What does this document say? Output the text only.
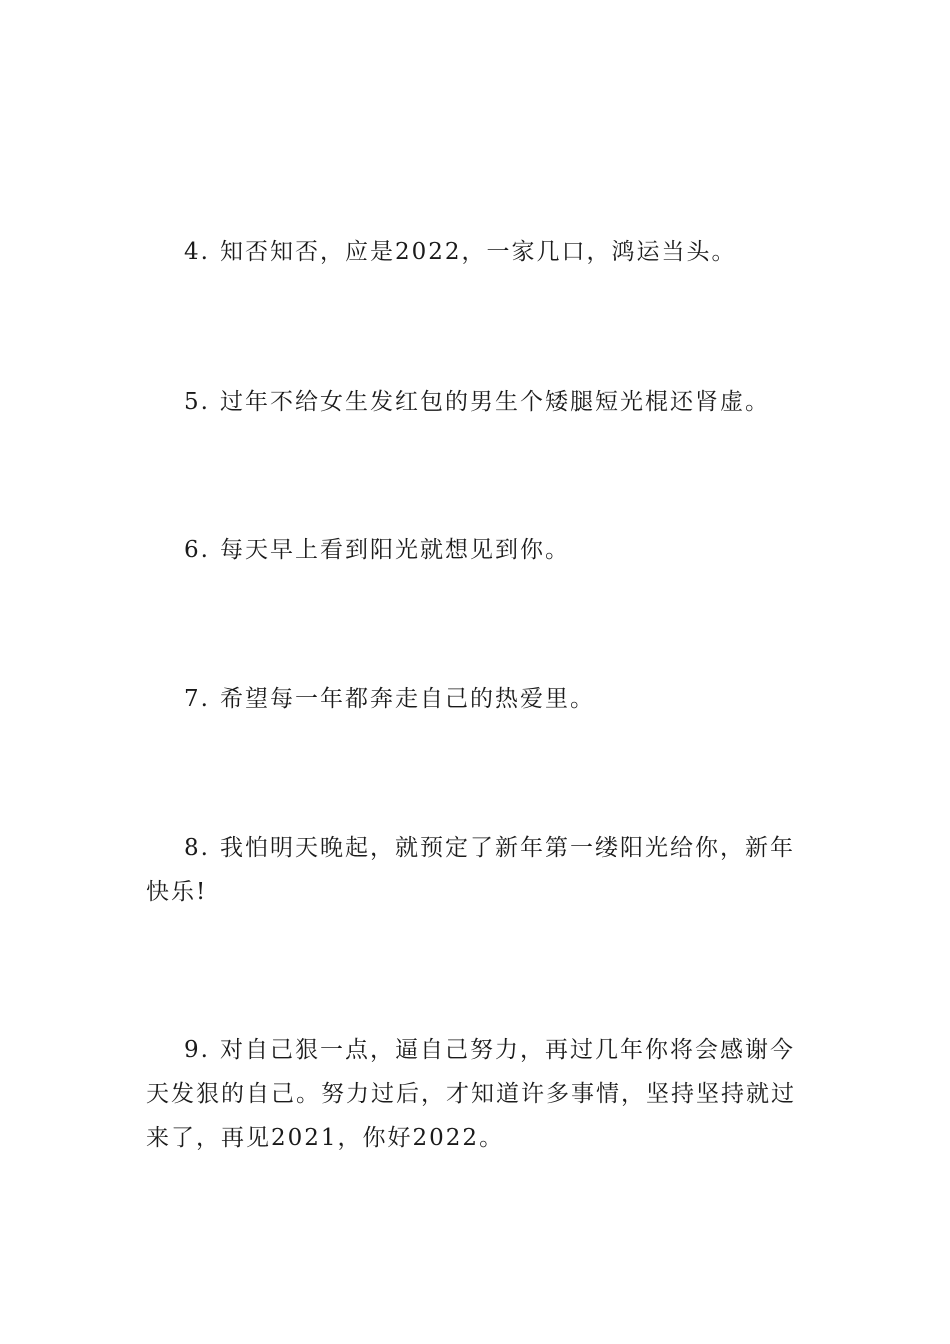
4. 知否知否，应是2022，一家几口，鸿运当头。

5. 过年不给女生发红包的男生个矮腿短光棍还肾虚。

6. 每天早上看到阳光就想见到你。

7. 希望每一年都奔走自己的热爱里。

8. 我怕明天晚起，就预定了新年第一缕阳光给你，新年快乐!

9. 对自己狠一点，逼自己努力，再过几年你将会感谢今天发狠的自己。努力过后，才知道许多事情，坚持坚持就过来了，再见2021，你好2022。
